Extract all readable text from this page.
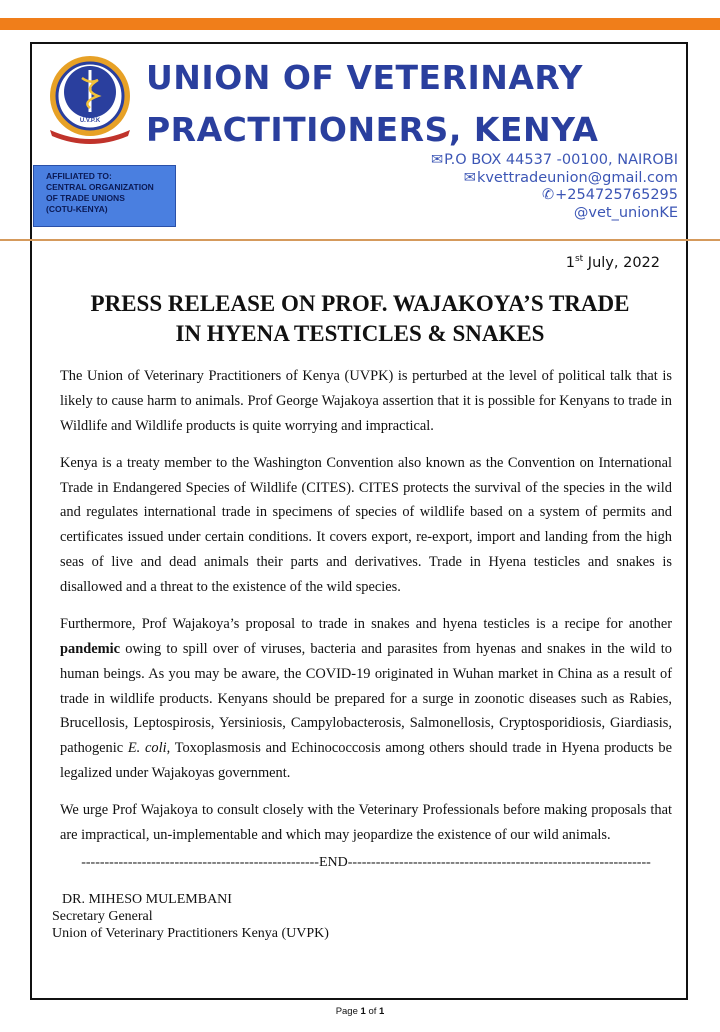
U.V.P.K
UNION OF VETERINARY
PRACTITIONERS, KENYA
AFFILIATED TO:
CENTRAL ORGANIZATION
OF TRADE UNIONS
(COTU-KENYA)
✉P.O BOX 44537 -00100, NAIROBI
✉kvettradeunion@gmail.com
✆+254725765295
@vet_unionKE
1st July, 2022
PRESS RELEASE ON PROF. WAJAKOYA’S TRADE
IN HYENA TESTICLES & SNAKES

The Union of Veterinary Practitioners of Kenya (UVPK) is perturbed at the level of political talk that is likely to cause harm to animals. Prof George Wajakoya assertion that it is possible for Kenyans to trade in Wildlife and Wildlife products is quite worrying and impractical.

Kenya is a treaty member to the Washington Convention also known as the Convention on International Trade in Endangered Species of Wildlife (CITES). CITES protects the survival of the species in the wild and regulates international trade in specimens of species of wildlife based on a system of permits and certificates issued under certain conditions. It covers export, re-export, import and landing from the high seas of live and dead animals their parts and derivatives. Trade in Hyena testicles and snakes is disallowed and a threat to the existence of the wild species.

Furthermore, Prof Wajakoya’s proposal to trade in snakes and hyena testicles is a recipe for another pandemic owing to spill over of viruses, bacteria and parasites from hyenas and snakes in the wild to human beings. As you may be aware, the COVID-19 originated in Wuhan market in China as a result of trade in wildlife products. Kenyans should be prepared for a surge in zoonotic diseases such as Rabies, Brucellosis, Leptospirosis, Yersiniosis, Campylobacterosis, Salmonellosis, Cryptosporidiosis, Giardiasis, pathogenic E. coli, Toxoplasmosis and Echinococcosis among others should trade in Hyena products be legalized under Wajakoyas government.

We urge Prof Wajakoya to consult closely with the Veterinary Professionals before making proposals that are impractical, un-implementable and which may jeopardize the existence of our wild animals.

---------------------------------------------------END-----------------------------------------------------------------
DR. MIHESO MULEMBANI
Secretary General
Union of Veterinary Practitioners Kenya (UVPK)
Page 1 of 1
